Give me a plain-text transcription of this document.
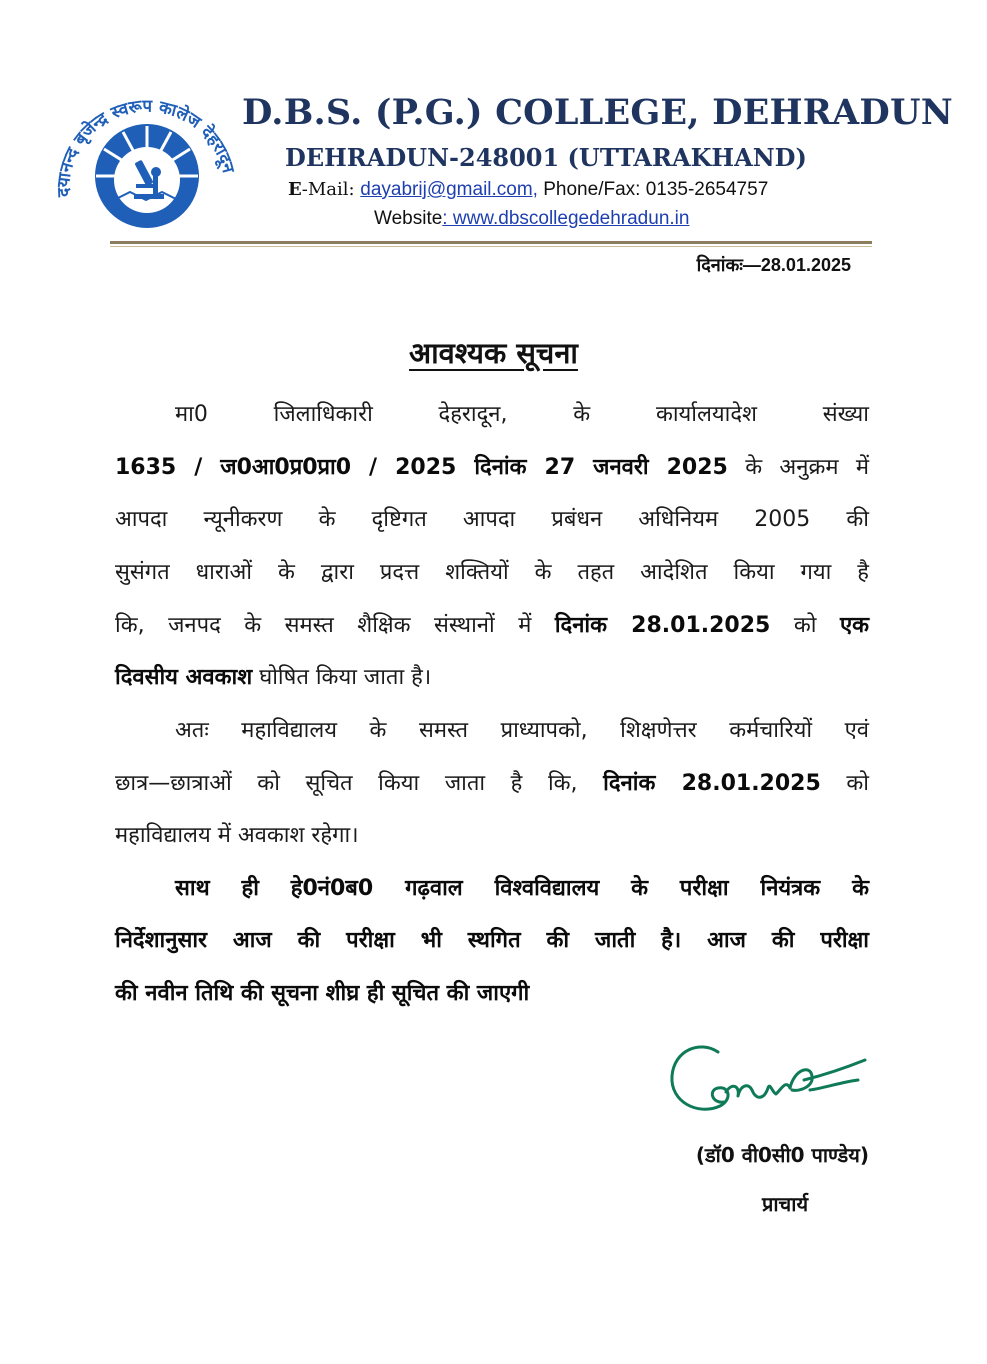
दयानन्द बृजेन्द्र स्वरूप कालेज देहरादून
D.B.S. (P.G.) COLLEGE, DEHRADUN
DEHRADUN-248001 (UTTARAKHAND)
E-Mail: dayabrij@gmail.com, Phone/Fax: 0135-2654757
Website: www.dbscollegedehradun.in
दिनांकः—28.01.2025
आवश्यक सूचना
मा0 जिलाधिकारी देहरादून, के कार्यालयादेश संख्या
1635 / ज0आ0प्र0प्रा0 / 2025 दिनांक 27 जनवरी 2025 के अनुक्रम में
आपदा न्यूनीकरण के दृष्टिगत आपदा प्रबंधन अधिनियम 2005 की
सुसंगत धाराओं के द्वारा प्रदत्त शक्तियों के तहत आदेशित किया गया है
कि, जनपद के समस्त शैक्षिक संस्थानों में दिनांक 28.01.2025 को एक
दिवसीय अवकाश घोषित किया जाता है।
अतः महाविद्यालय के समस्त प्राध्यापको, शिक्षणेत्तर कर्मचारियों एवं
छात्र—छात्राओं को सूचित किया जाता है कि, दिनांक 28.01.2025 को
महाविद्यालय में अवकाश रहेगा।
साथ ही हे0नं0ब0 गढ़वाल विश्वविद्यालय के परीक्षा नियंत्रक के
निर्देशानुसार आज की परीक्षा भी स्थगित की जाती है। आज की परीक्षा
की नवीन तिथि की सूचना शीघ्र ही सूचित की जाएगी
(डॉ0 वी0सी0 पाण्डेय)
प्राचार्य
